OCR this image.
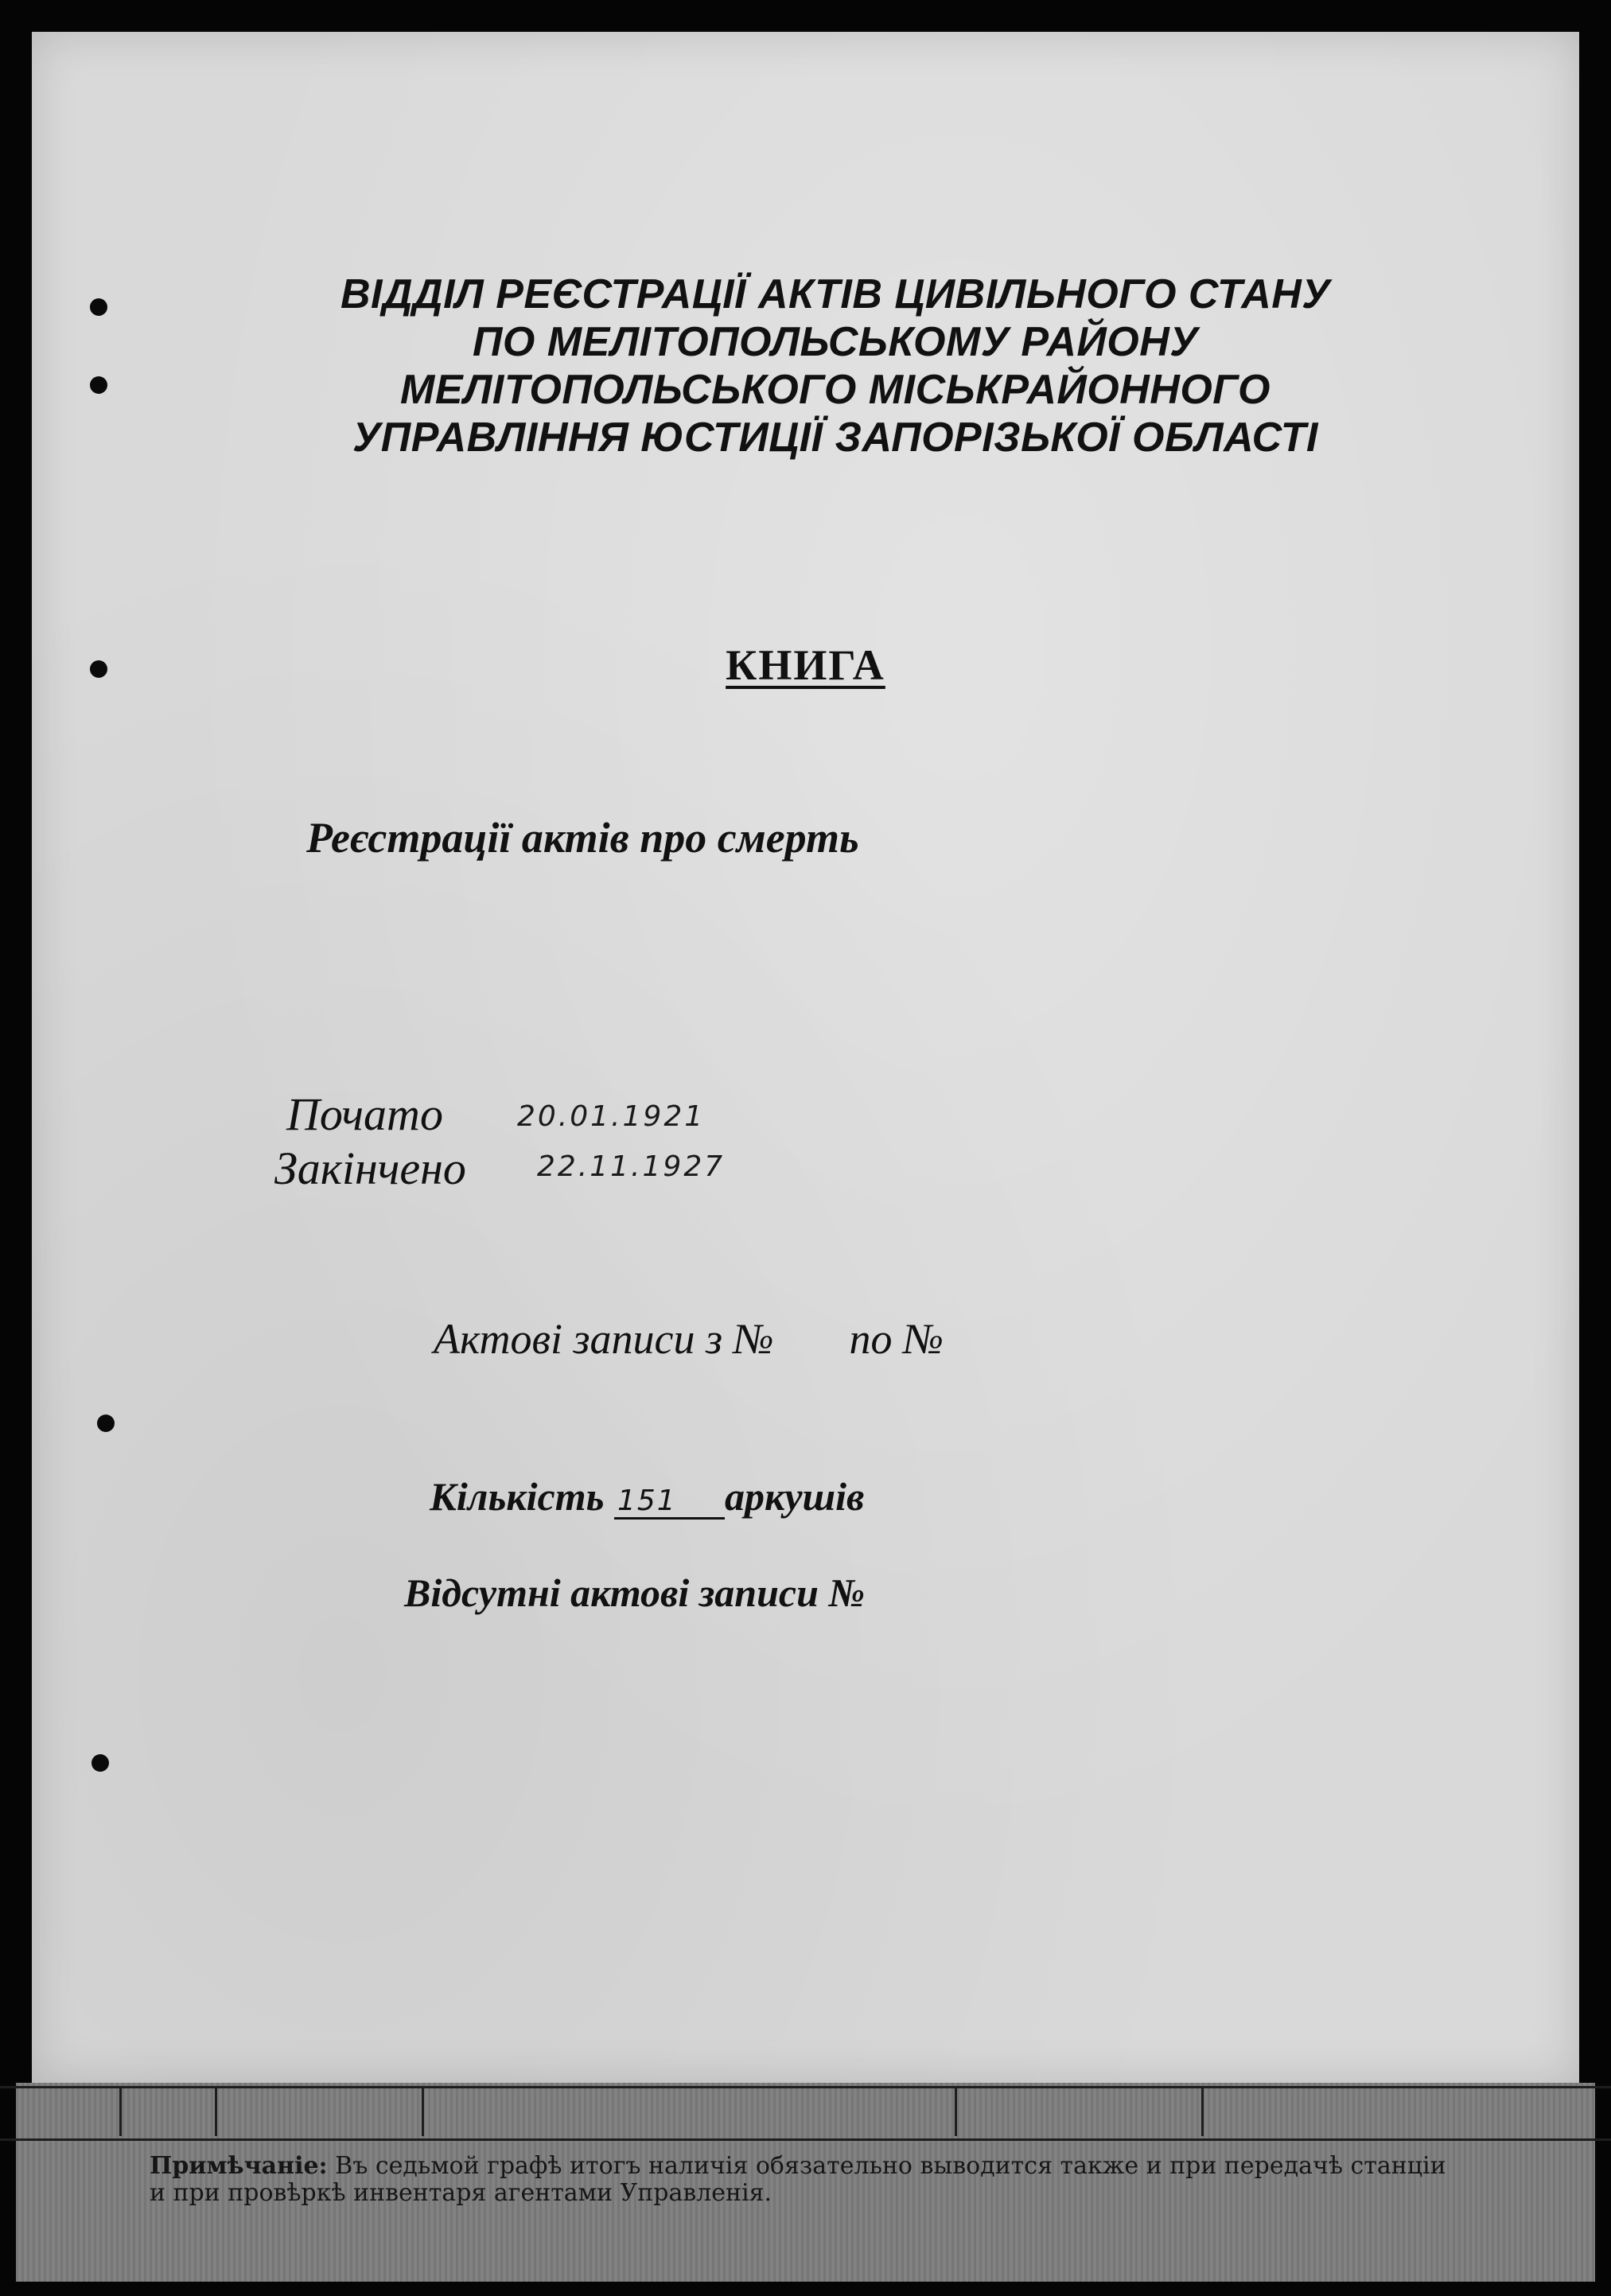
ВІДДІЛ РЕЄСТРАЦІЇ АКТІВ ЦИВІЛЬНОГО СТАНУ
ПО МЕЛІТОПОЛЬСЬКОМУ РАЙОНУ
МЕЛІТОПОЛЬСЬКОГО МІСЬКРАЙОННОГО
УПРАВЛІННЯ ЮСТИЦІЇ ЗАПОРІЗЬКОЇ ОБЛАСТІ
КНИГА
Реєстрації актів про смерть
Почато	20.01.1921
Закінчено 22.11.1927
Актові записи з № по №
Кількість 151 аркушів
Відсутні актові записи №
Примѣчаніе: Въ седьмой графѣ итогъ наличія обязательно выводится также и при передачѣ станціи
и при провѣркѣ инвентаря агентами Управленія.
